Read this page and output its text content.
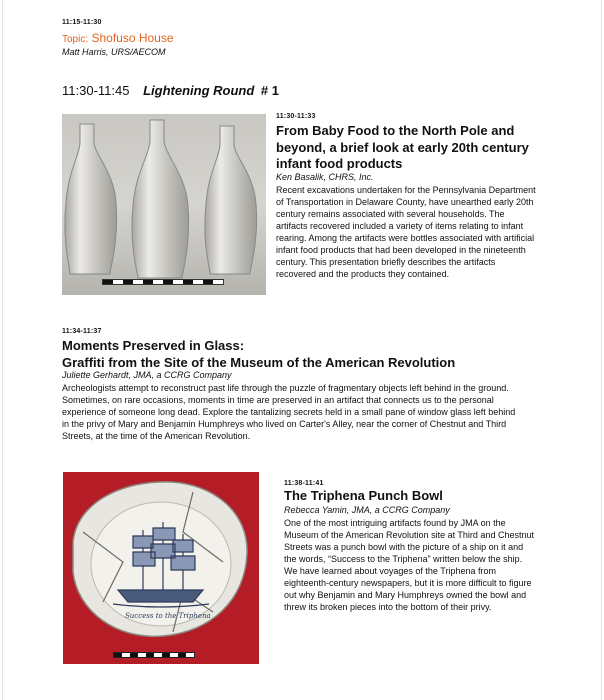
11:15-11:30
Topic: Shofuso House
Matt Harris, URS/AECOM
11:30-11:45 Lightening Round # 1
11:30-11:33
From Baby Food to the North Pole and
beyond, a brief look at early 20th century
infant food products
Ken Basalik, CHRS, Inc.
Recent excavations undertaken for the Pennsylvania Department
of Transportation in Delaware County, have unearthed early 20th
century remains associated with several households. The
artifacts recovered included a variety of items relating to infant
rearing. Among the artifacts were bottles associated with artificial
infant food products that had been developed in the nineteenth
century. This presentation briefly describes the artifacts
recovered and the products they contained.
11:34-11:37
Moments Preserved in Glass:
Graffiti from the Site of the Museum of the American Revolution
Juliette Gerhardt, JMA, a CCRG Company
Archeologists attempt to reconstruct past life through the puzzle of fragmentary objects left behind in the ground.
Sometimes, on rare occasions, moments in time are preserved in an artifact that connects us to the personal
experience of someone long dead. Explore the tantalizing secrets held in a small pane of window glass left behind
in the privy of Mary and Benjamin Humphreys who lived on Carter's Alley, near the corner of Chestnut and Third
Streets, at the time of the American Revolution.
Success to the Triphena
11:38-11:41
The Triphena Punch Bowl
Rebecca Yamin, JMA, a CCRG Company
One of the most intriguing artifacts found by JMA on the
Museum of the American Revolution site at Third and Chestnut
Streets was a punch bowl with the picture of a ship on it and
the words, “Success to the Triphena” written below the ship.
We have learned about voyages of the Triphena from
eighteenth-century newspapers, but it is more difficult to figure
out why Benjamin and Mary Humphreys owned the bowl and
threw its broken pieces into the bottom of their privy.
